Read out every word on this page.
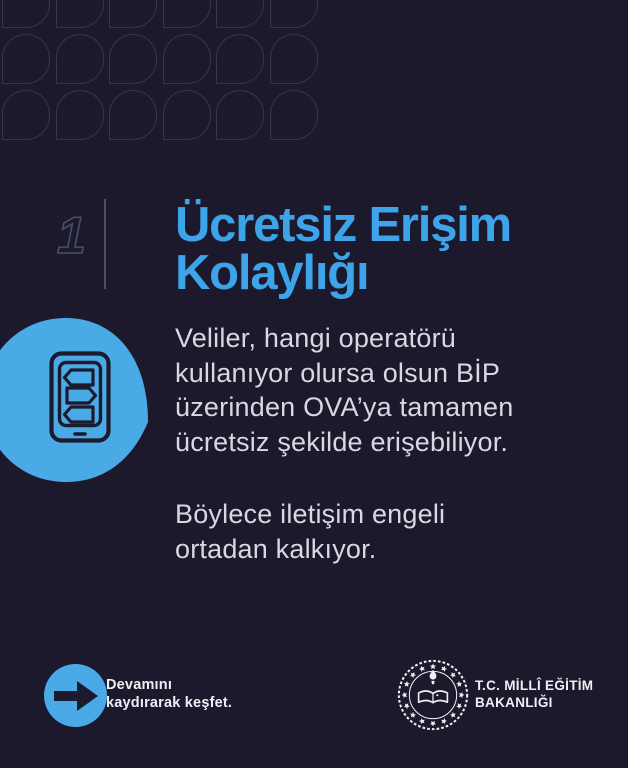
1 Ücretsiz Erişim
Kolaylığı
Veliler, hangi operatörü
kullanıyor olursa olsun BİP
üzerinden OVA’ya tamamen
ücretsiz şekilde erişebiliyor.
Böylece iletişim engeli
ortadan kalkıyor.
Devamını
kaydırarak keşfet.
T.C. MİLLÎ EĞİTİM
BAKANLIĞI
